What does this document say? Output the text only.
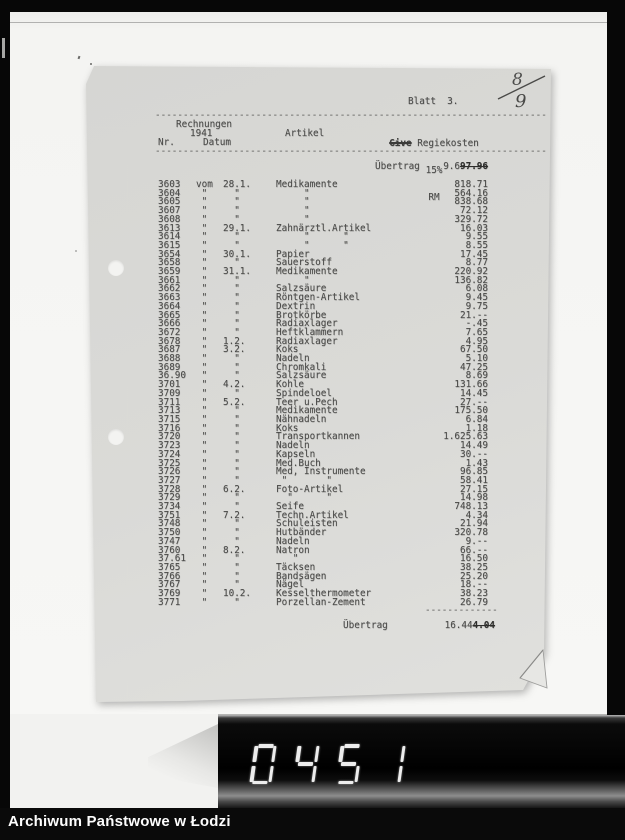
8
9
Blatt  3.
----------------------------------------------------------------------
----------------------------------------------------------------------
Rechnungen
1941
Nr.	Datum
Artikel

Give Regiekosten

15%

RM

Übertrag	9.697.96
3603	vom	28.1.	Medikamente	818.71
3604	"	"	"	564.16
3605	"	"	"	838.68
3607	"	"	"	72.12
3608	"	"	"	329.72
3613	"	29.1.	Zahnärztl.Artikel	16.03
3614	"	"	"      "	9.55
3615	"	"	"      "	8.55
3654	"	30.1.	Papier	17.45
3658	"	"	Sauerstoff	8.77
3659	"	31.1.	Medikamente	220.92
3661	"	"	"	136.82
3662	"	"	Salzsäure	6.08
3663	"	"	Röntgen-Artikel	9.45
3664	"	"	Dextrin	9.75
3665	"	"	Brotkörbe	21.--
3666	"	"	Radiaxlager	-.45
3672	"	"	Heftklammern	7.65
3678	"	1.2.	Radiaxlager	4.95
3687	"	3.2.	Koks	67.50
3688	"	"	Nadeln	5.10
3689	"	"	Chromkali	47.25
36.90	"	"	Salzsäure	8.69
3701	"	4.2.	Kohle	131.66
3709	"	"	Spindeloel	14.45
3711	"	5.2.	Teer u.Pech	27.--
3713	"	"	Medikamente	175.50
3715	"	"	Nähnadeln	6.84
3716	"	"	Koks	1.18
3720	"	"	Transportkannen	1.625.63
3723	"	"	Nadeln	14.49
3724	"	"	Kapseln	30.--
3725	"	"	Med.Buch	1.43
3726	"	"	Med, Instrumente	96.85
3727	"	"	"       "	58.41
3728	"	6.2.	Foto-Artikel	27.15
3729	"	"	"      "	14.98
3734	"	"	Seife	748.13
3751	"	7.2.	Techn.Artikel	4.34
3748	"	"	Schuleisten	21.94
3750	"	"	Hutbänder	320.78
3747	"	"	Nadeln	9.--
3760	"	8.2.	Natron	66.--
37.61	"	"	"	16.50
3765	"	"	Täcksen	38.25
3766	"	"	Bandsägen	25.20
3767	"	"	Nägel	18.--
3769	"	10.2.	Kesselthermometer	38.23
3771	"	"	Porzellan-Zement	26.79
-------------
Übertrag	16.444.04
Archiwum Państwowe w Łodzi
